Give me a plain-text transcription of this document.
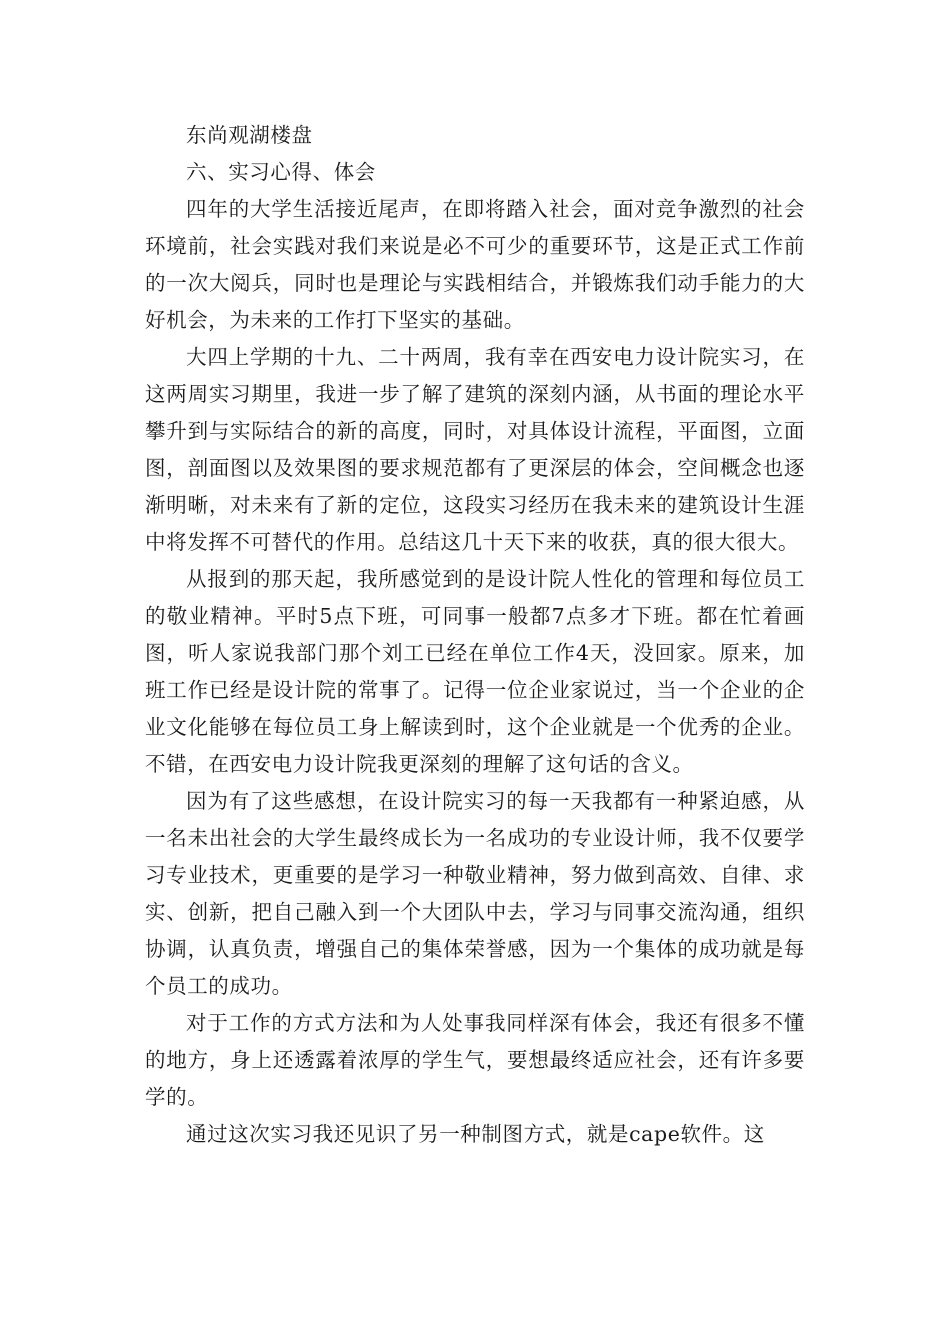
东尚观湖楼盘

六、实习心得、体会

四年的大学生活接近尾声，在即将踏入社会，面对竞争激烈的社会环境前，社会实践对我们来说是必不可少的重要环节，这是正式工作前的一次大阅兵，同时也是理论与实践相结合，并锻炼我们动手能力的大好机会，为未来的工作打下坚实的基础。

大四上学期的十九、二十两周，我有幸在西安电力设计院实习，在这两周实习期里，我进一步了解了建筑的深刻内涵，从书面的理论水平攀升到与实际结合的新的高度，同时，对具体设计流程，平面图，立面图，剖面图以及效果图的要求规范都有了更深层的体会，空间概念也逐渐明晰，对未来有了新的定位，这段实习经历在我未来的建筑设计生涯中将发挥不可替代的作用。总结这几十天下来的收获，真的很大很大。

从报到的那天起，我所感觉到的是设计院人性化的管理和每位员工的敬业精神。平时5点下班，可同事一般都7点多才下班。都在忙着画图，听人家说我部门那个刘工已经在单位工作4天，没回家。原来，加班工作已经是设计院的常事了。记得一位企业家说过，当一个企业的企业文化能够在每位员工身上解读到时，这个企业就是一个优秀的企业。不错，在西安电力设计院我更深刻的理解了这句话的含义。

因为有了这些感想，在设计院实习的每一天我都有一种紧迫感，从一名未出社会的大学生最终成长为一名成功的专业设计师，我不仅要学习专业技术，更重要的是学习一种敬业精神，努力做到高效、自律、求实、创新，把自己融入到一个大团队中去，学习与同事交流沟通，组织协调，认真负责，增强自己的集体荣誉感，因为一个集体的成功就是每个员工的成功。

对于工作的方式方法和为人处事我同样深有体会，我还有很多不懂的地方，身上还透露着浓厚的学生气，要想最终适应社会，还有许多要学的。

通过这次实习我还见识了另一种制图方式，就是cape软件。这
